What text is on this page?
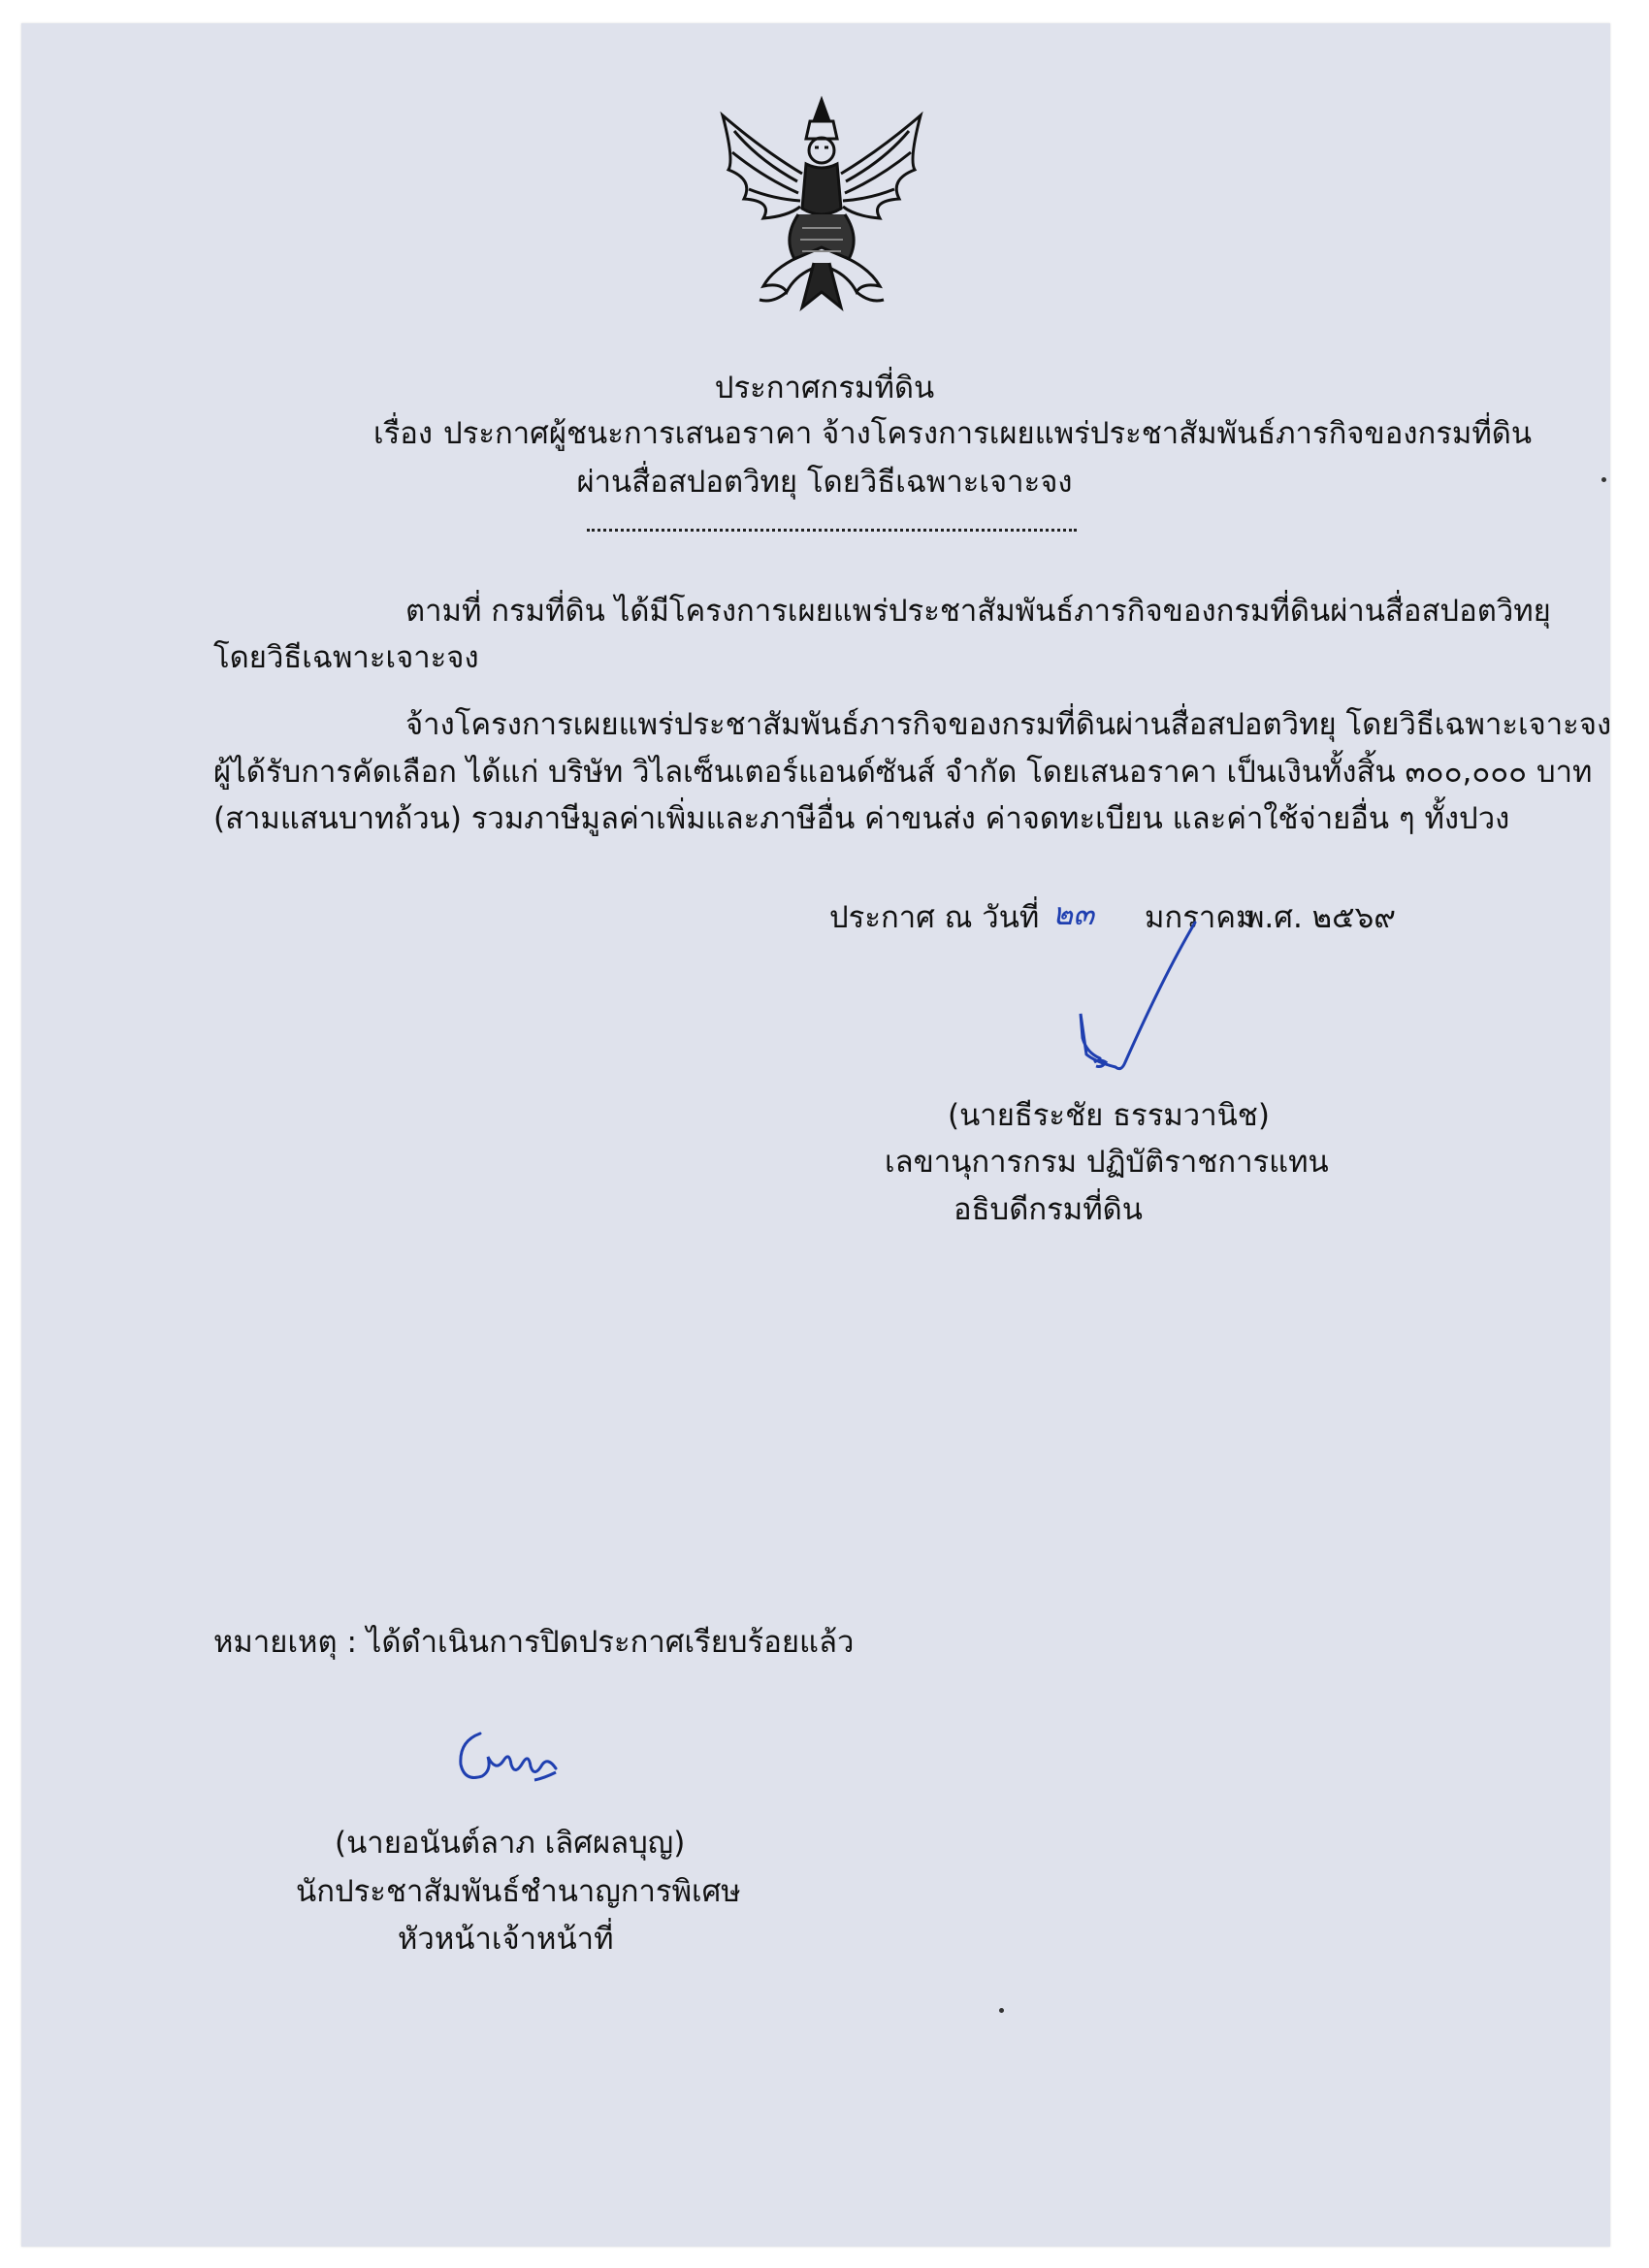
ประกาศกรมที่ดิน
เรื่อง ประกาศผู้ชนะการเสนอราคา จ้างโครงการเผยแพร่ประชาสัมพันธ์ภารกิจของกรมที่ดิน
ผ่านสื่อสปอตวิทยุ โดยวิธีเฉพาะเจาะจง
ตามที่ กรมที่ดิน ได้มีโครงการเผยแพร่ประชาสัมพันธ์ภารกิจของกรมที่ดินผ่านสื่อสปอตวิทยุ
โดยวิธีเฉพาะเจาะจง
จ้างโครงการเผยแพร่ประชาสัมพันธ์ภารกิจของกรมที่ดินผ่านสื่อสปอตวิทยุ โดยวิธีเฉพาะเจาะจง
ผู้ได้รับการคัดเลือก ได้แก่ บริษัท วิไลเซ็นเตอร์แอนด์ซันส์ จำกัด โดยเสนอราคา เป็นเงินทั้งสิ้น ๓๐๐,๐๐๐ บาท
(สามแสนบาทถ้วน) รวมภาษีมูลค่าเพิ่มและภาษีอื่น ค่าขนส่ง ค่าจดทะเบียน และค่าใช้จ่ายอื่น ๆ ทั้งปวง
ประกาศ ณ วันที่ ๒๓ มกราคม
พ.ศ. ๒๕๖๙
(นายธีระชัย ธรรมวานิช)
เลขานุการกรม ปฏิบัติราชการแทน
อธิบดีกรมที่ดิน
หมายเหตุ : ได้ดำเนินการปิดประกาศเรียบร้อยแล้ว
(นายอนันต์ลาภ เลิศผลบุญ)
นักประชาสัมพันธ์ชำนาญการพิเศษ
หัวหน้าเจ้าหน้าที่
